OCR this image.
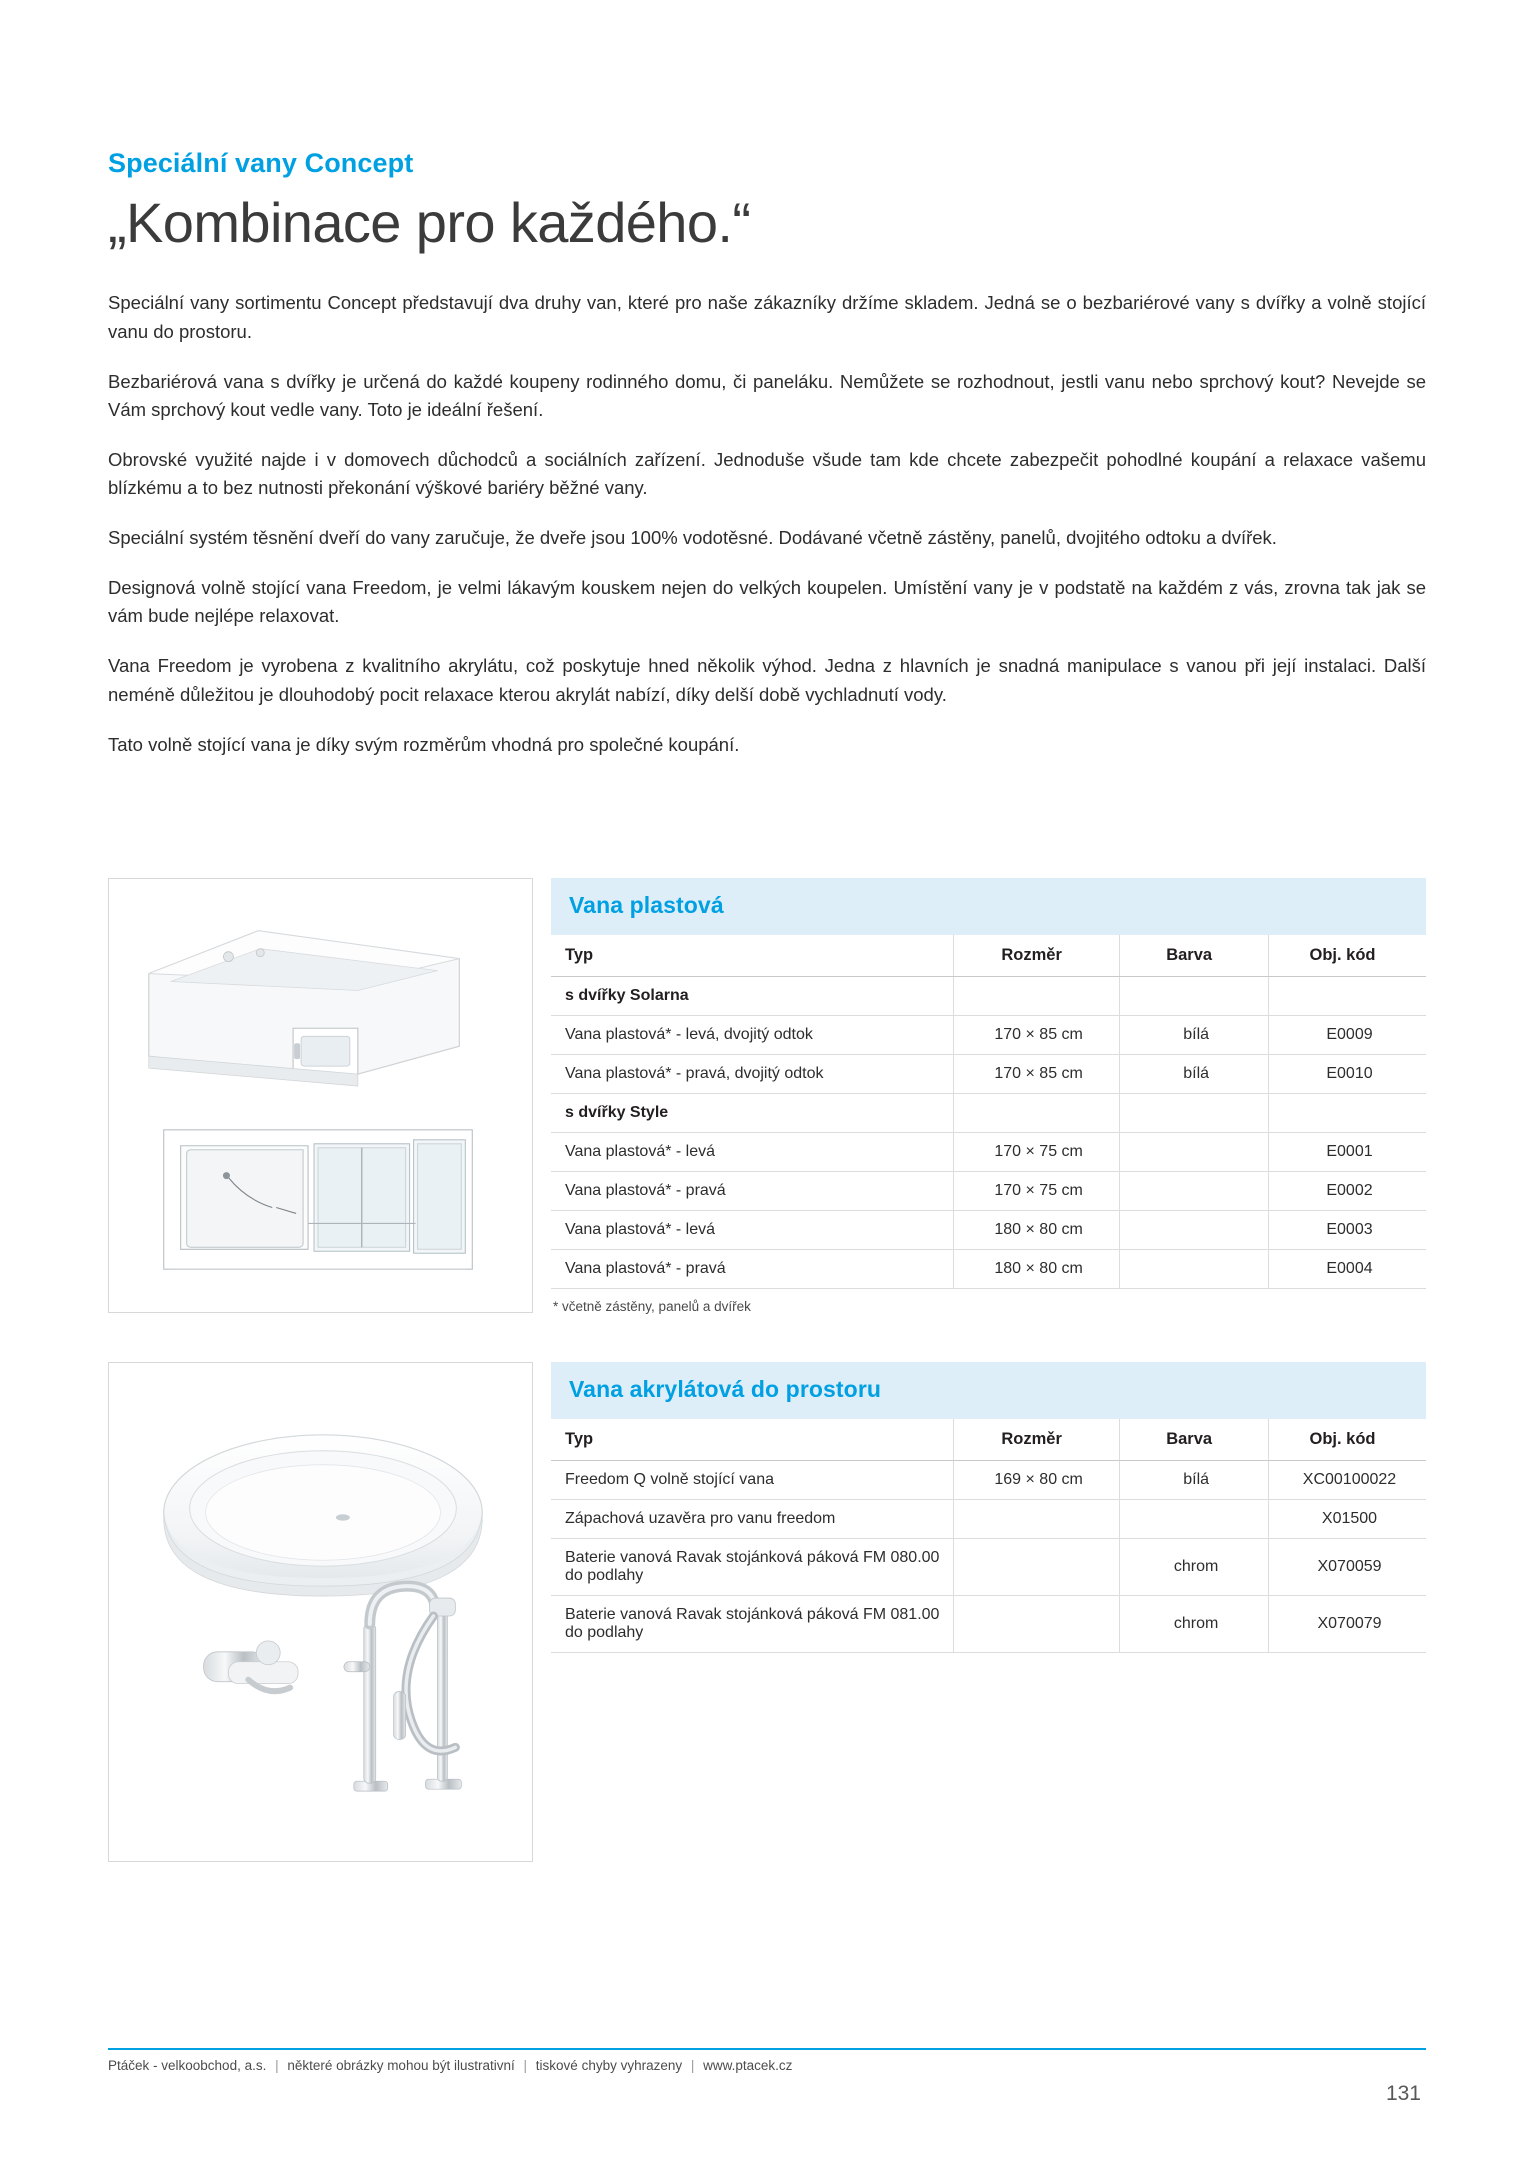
Speciální vany Concept
„Kombinace pro každého.“

Speciální vany sortimentu Concept představují dva druhy van, které pro naše zákazníky držíme skladem. Jedná se o bezbariérové vany s dvířky a volně stojící vanu do prostoru.

Bezbariérová vana s dvířky je určená do každé koupeny rodinného domu, či paneláku. Nemůžete se rozhodnout, jestli vanu nebo sprchový kout? Nevejde se Vám sprchový kout vedle vany. Toto je ideální řešení.

Obrovské využité najde i v domovech důchodců a sociálních zařízení. Jednoduše všude tam kde chcete zabezpečit pohodlné koupání a relaxace vašemu blízkému a to bez nutnosti překonání výškové bariéry běžné vany.

Speciální systém těsnění dveří do vany zaručuje, že dveře jsou 100% vodotěsné. Dodávané včetně zástěny, panelů, dvojitého odtoku a dvířek.

Designová volně stojící vana Freedom, je velmi lákavým kouskem nejen do velkých koupelen. Umístění vany je v podstatě na každém z vás, zrovna tak jak se vám bude nejlépe relaxovat.

Vana Freedom je vyrobena z kvalitního akrylátu, což poskytuje hned několik výhod. Jedna z hlavních je snadná manipulace s vanou při její instalaci. Další neméně důležitou je dlouhodobý pocit relaxace kterou akrylát nabízí, díky delší době vychladnutí vody.

Tato volně stojící vana je díky svým rozměrům vhodná pro společné koupání.

Vana plastová
Typ	Rozměr	Barva	Obj. kód
s dvířky Solarna			
Vana plastová* - levá, dvojitý odtok	170 × 85 cm	bílá	E0009
Vana plastová* - pravá, dvojitý odtok	170 × 85 cm	bílá	E0010
s dvířky Style			
Vana plastová* - levá	170 × 75 cm		E0001
Vana plastová* - pravá	170 × 75 cm		E0002
Vana plastová* - levá	180 × 80 cm		E0003
Vana plastová* - pravá	180 × 80 cm		E0004
* včetně zástěny, panelů a dvířek
Vana akrylátová do prostoru
Typ	Rozměr	Barva	Obj. kód
Freedom Q volně stojící vana	169 × 80 cm	bílá	XC00100022
Zápachová uzavěra pro vanu freedom			X01500
Baterie vanová Ravak stojánková páková FM 080.00 do podlahy		chrom	X070059
Baterie vanová Ravak stojánková páková FM 081.00 do podlahy		chrom	X070079
Ptáček - velkoobchod, a.s. | některé obrázky mohou být ilustrativní | tiskové chyby vyhrazeny | www.ptacek.cz
131
